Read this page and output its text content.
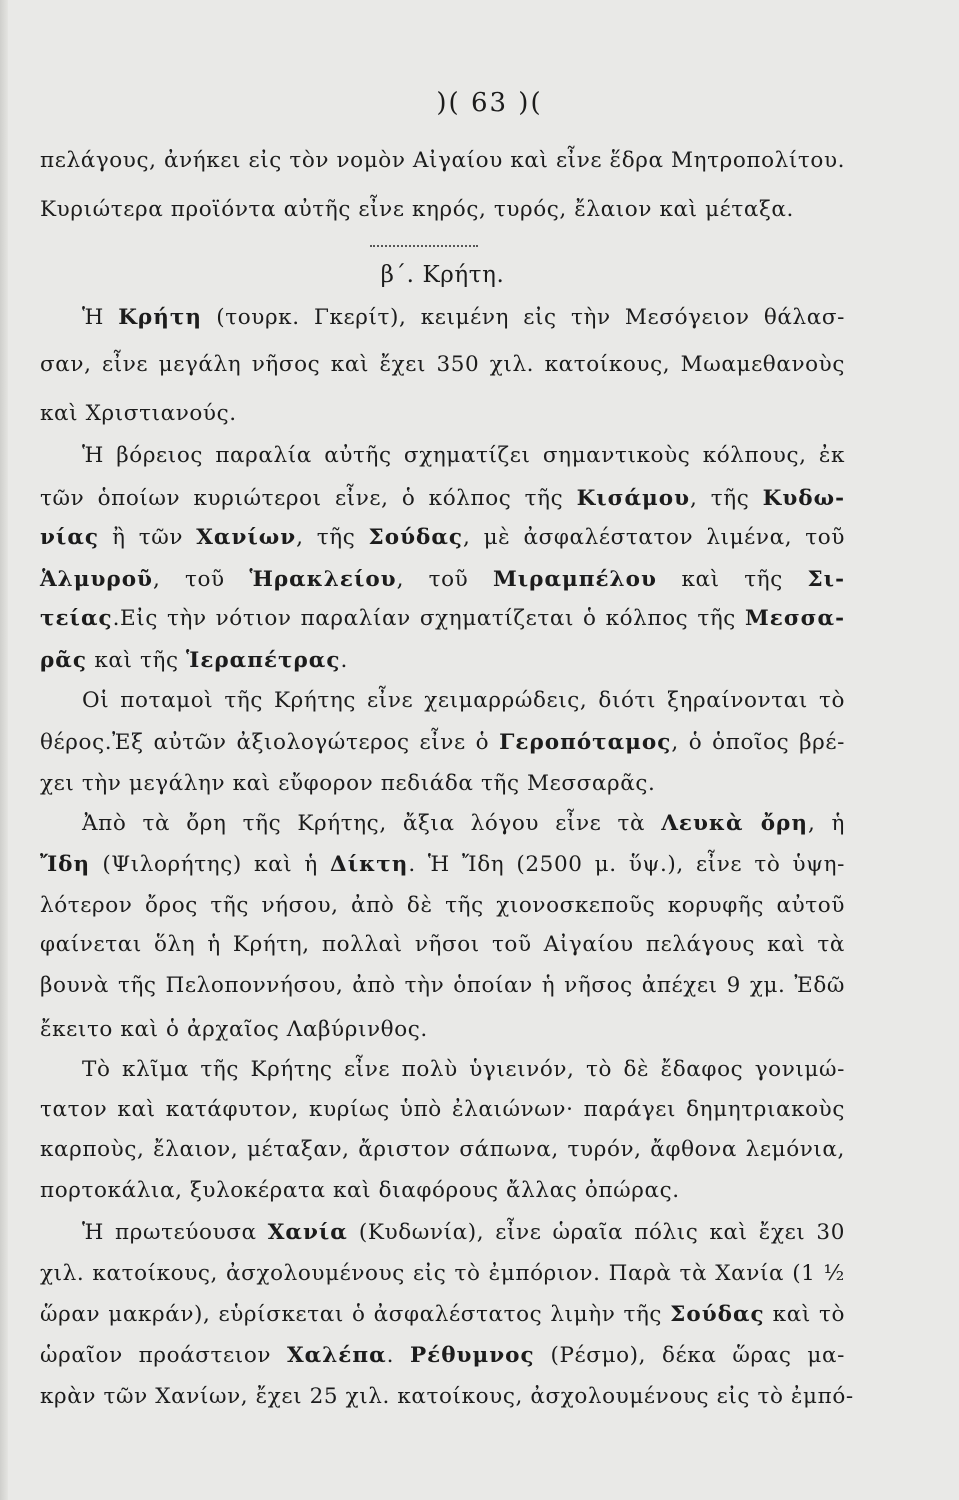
)( 63 )(
πελάγους, ἀνήκει εἰς τὸν νομὸν Αἰγαίου καὶ εἶνε ἕδρα Μητροπολίτου.
Κυριώτερα προϊόντα αὐτῆς εἶνε κηρός, τυρός, ἔλαιον καὶ μέταξα.
β΄. Κρήτη.
Ἡ Κρήτη (τουρκ. Γκερίτ), κειμένη εἰς τὴν Μεσόγειον θάλασ-
σαν, εἶνε μεγάλη νῆσος καὶ ἔχει 350 χιλ. κατοίκους, Μωαμεθανοὺς
καὶ Χριστιανούς.
Ἡ βόρειος παραλία αὐτῆς σχηματίζει σημαντικοὺς κόλπους, ἐκ
τῶν ὁποίων κυριώτεροι εἶνε, ὁ κόλπος τῆς Κισάμου, τῆς Κυδω-
νίας ἢ τῶν Χανίων, τῆς Σούδας, μὲ ἀσφαλέστατον λιμένα, τοῦ
Ἁλμυροῦ, τοῦ Ἡρακλείου, τοῦ Μιραμπέλου καὶ τῆς Σι-
τείας.Εἰς τὴν νότιον παραλίαν σχηματίζεται ὁ κόλπος τῆς Μεσσα-
ρᾶς καὶ τῆς Ἱεραπέτρας.
Οἱ ποταμοὶ τῆς Κρήτης εἶνε χειμαρρώδεις, διότι ξηραίνονται τὸ
θέρος.Ἐξ αὐτῶν ἀξιολογώτερος εἶνε ὁ Γεροπόταμος, ὁ ὁποῖος βρέ-
χει τὴν μεγάλην καὶ εὔφορον πεδιάδα τῆς Μεσσαρᾶς.
Ἀπὸ τὰ ὄρη τῆς Κρήτης, ἄξια λόγου εἶνε τὰ Λευκὰ ὄρη, ἡ
Ἴδη (Ψιλορήτης) καὶ ἡ Δίκτη. Ἡ Ἴδη (2500 μ. ὕψ.), εἶνε τὸ ὑψη-
λότερον ὄρος τῆς νήσου, ἀπὸ δὲ τῆς χιονοσκεποῦς κορυφῆς αὐτοῦ
φαίνεται ὅλη ἡ Κρήτη, πολλαὶ νῆσοι τοῦ Αἰγαίου πελάγους καὶ τὰ
βουνὰ τῆς Πελοποννήσου, ἀπὸ τὴν ὁποίαν ἡ νῆσος ἀπέχει 9 χμ. Ἐδῶ
ἔκειτο καὶ ὁ ἀρχαῖος Λαβύρινθος.
Τὸ κλῖμα τῆς Κρήτης εἶνε πολὺ ὑγιεινόν, τὸ δὲ ἔδαφος γονιμώ-
τατον καὶ κατάφυτον, κυρίως ὑπὸ ἐλαιώνων· παράγει δημητριακοὺς
καρποὺς, ἔλαιον, μέταξαν, ἄριστον σάπωνα, τυρόν, ἄφθονα λεμόνια,
πορτοκάλια, ξυλοκέρατα καὶ διαφόρους ἄλλας ὀπώρας.
Ἡ πρωτεύουσα Χανία (Κυδωνία), εἶνε ὡραῖα πόλις καὶ ἔχει 30
χιλ. κατοίκους, ἀσχολουμένους εἰς τὸ ἐμπόριον. Παρὰ τὰ Χανία (1 ½
ὥραν μακράν), εὑρίσκεται ὁ ἀσφαλέστατος λιμὴν τῆς Σούδας καὶ τὸ
ὡραῖον προάστειον Χαλέπα. Ρέθυμνος (Ρέσμο), δέκα ὥρας μα-
κρὰν τῶν Χανίων, ἔχει 25 χιλ. κατοίκους, ἀσχολουμένους εἰς τὸ ἐμπό-
